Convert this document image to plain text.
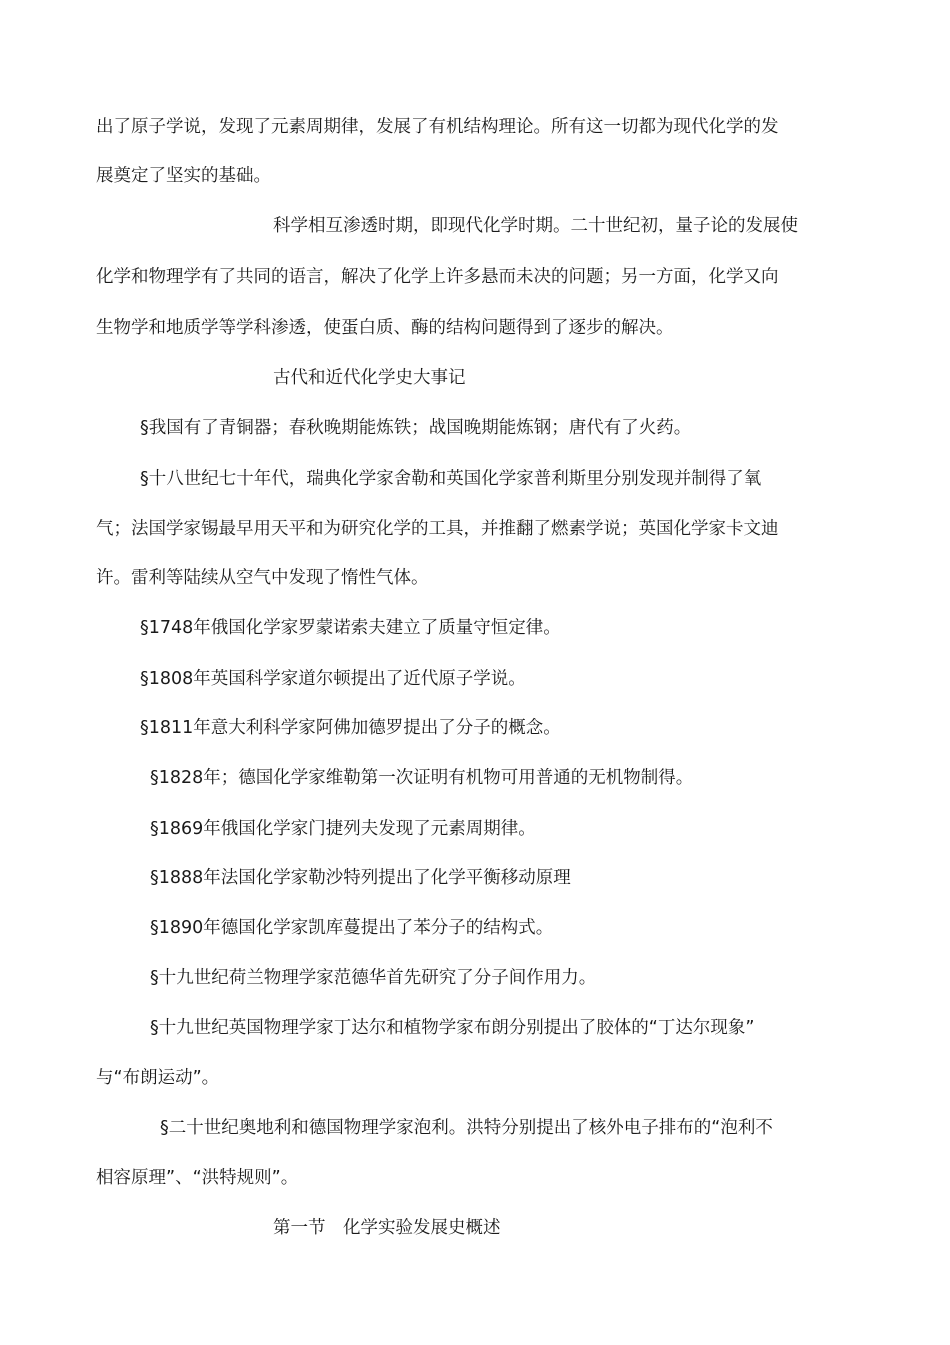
出了原子学说，发现了元素周期律，发展了有机结构理论。所有这一切都为现代化学的发
展奠定了坚实的基础。
科学相互渗透时期，即现代化学时期。二十世纪初，量子论的发展使
化学和物理学有了共同的语言，解决了化学上许多悬而未决的问题；另一方面，化学又向
生物学和地质学等学科渗透，使蛋白质、酶的结构问题得到了逐步的解决。
古代和近代化学史大事记
§我国有了青铜器；春秋晚期能炼铁；战国晚期能炼钢；唐代有了火药。
§十八世纪七十年代，瑞典化学家舍勒和英国化学家普利斯里分别发现并制得了氧
气；法国学家锡最早用天平和为研究化学的工具，并推翻了燃素学说；英国化学家卡文迪
许。雷利等陆续从空气中发现了惰性气体。
§1748年俄国化学家罗蒙诺索夫建立了质量守恒定律。
§1808年英国科学家道尔顿提出了近代原子学说。
§1811年意大利科学家阿佛加德罗提出了分子的概念。
§1828年；德国化学家维勒第一次证明有机物可用普通的无机物制得。
§1869年俄国化学家门捷列夫发现了元素周期律。
§1888年法国化学家勒沙特列提出了化学平衡移动原理
§1890年德国化学家凯库蔓提出了苯分子的结构式。
§十九世纪荷兰物理学家范德华首先研究了分子间作用力。
§十九世纪英国物理学家丁达尔和植物学家布朗分别提出了胶体的“丁达尔现象”
与“布朗运动”。
§二十世纪奥地利和德国物理学家泡利。洪特分别提出了核外电子排布的“泡利不
相容原理”、“洪特规则”。
第一节　化学实验发展史概述
